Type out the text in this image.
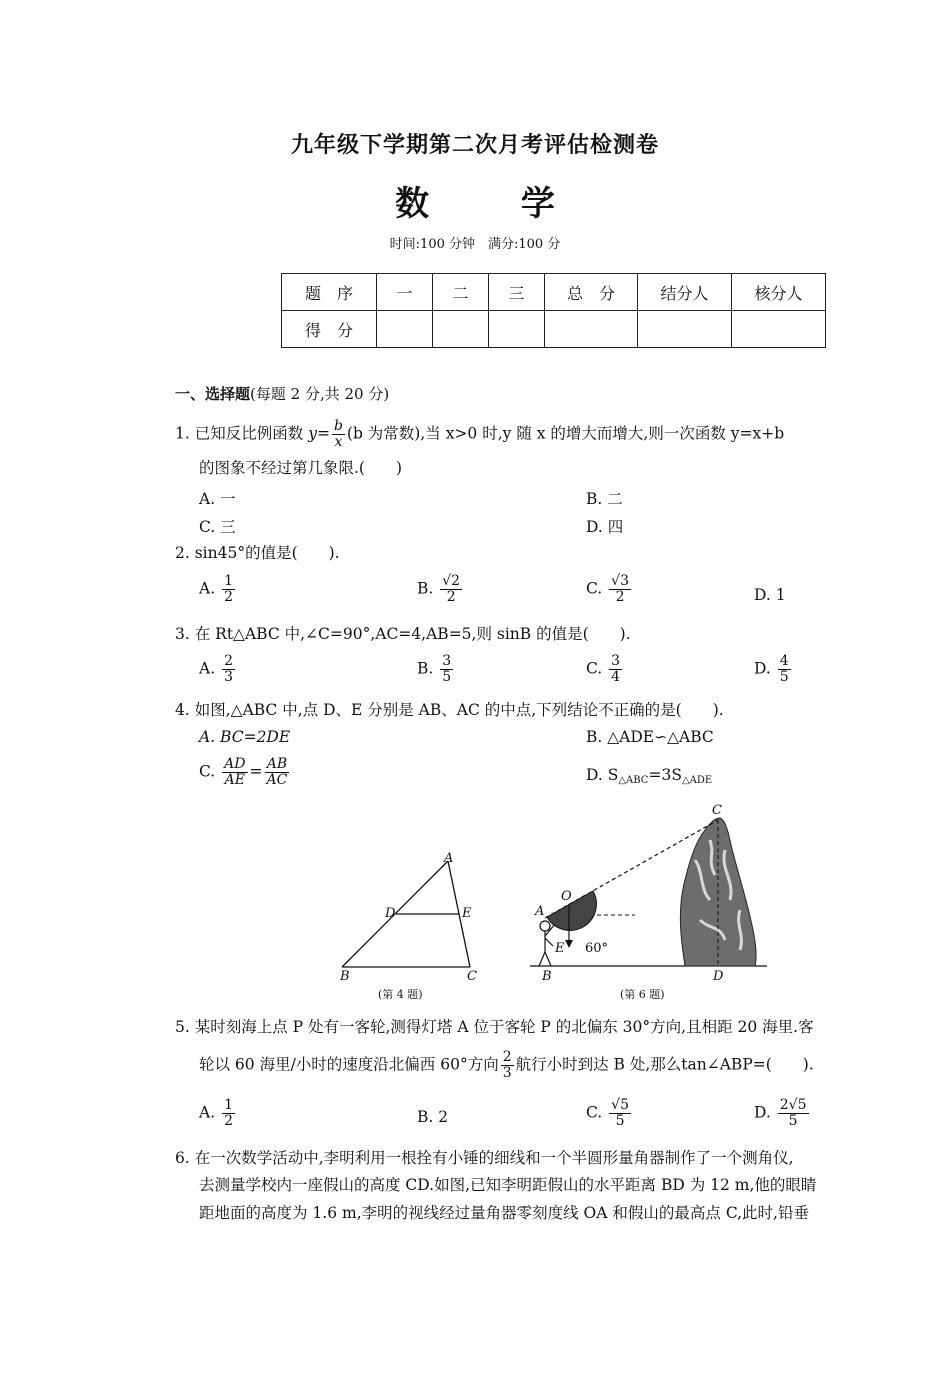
九年级下学期第二次月考评估检测卷
数 学
时间:100 分钟　满分:100 分
题　序	一	二	三	总　分	结分人	核分人
得　分						
一、选择题(每题 2 分,共 20 分)
1. 已知反比例函数 $y= \frac{b}{x} (b$ 为常数),当 x>0 时,y 随 x 的增大而增大,则一次函数 y=x+b
的图象不经过第几象限.(　　)
A. 一	B. 二
C. 三	D. 四
2. sin45°的值是(　　).
A. $\frac{1}{2}$	B. $\frac{√2}{2}$	C. $\frac{√3}{2}$	D. 1
3. 在 Rt△ABC 中,∠C=90°,AC=4,AB=5,则 sinB 的值是(　　).
A. $\frac{2}{3}$	B. $\frac{3}{5}$	C. $\frac{3}{4}$	D. $\frac{4}{5}$
4. 如图,△ABC 中,点 D、E 分别是 AB、AC 的中点,下列结论不正确的是(　　).
A. BC=2DE	B. △ADE∽△ABC
C. $\frac{AD}{AE} = \frac{AB}{AC}$	D. $S_{\triangle ABC}=3S_{\triangle ADE}$
A
B	C
D	E
(第 4 题)
C
D
B
A
O
E 60°
(第 6 题)
5. 某时刻海上点 P 处有一客轮,测得灯塔 A 位于客轮 P 的北偏东 30°方向,且相距 20 海里.客
轮以 60 海里/小时的速度沿北偏西 60°方向 $\frac{2}{3}$ 航行小时到达 B 处,那么tan∠ABP=(　　).
A. $\frac{1}{2}$	B. 2	C. $\frac{√5}{5}$	D. $\frac{2√5}{5}$
6. 在一次数学活动中,李明利用一根拴有小锤的细线和一个半圆形量角器制作了一个测角仪,
去测量学校内一座假山的高度 CD.如图,已知李明距假山的水平距离 BD 为 12 m,他的眼睛
距地面的高度为 1.6 m,李明的视线经过量角器零刻度线 OA 和假山的最高点 C,此时,铅垂
